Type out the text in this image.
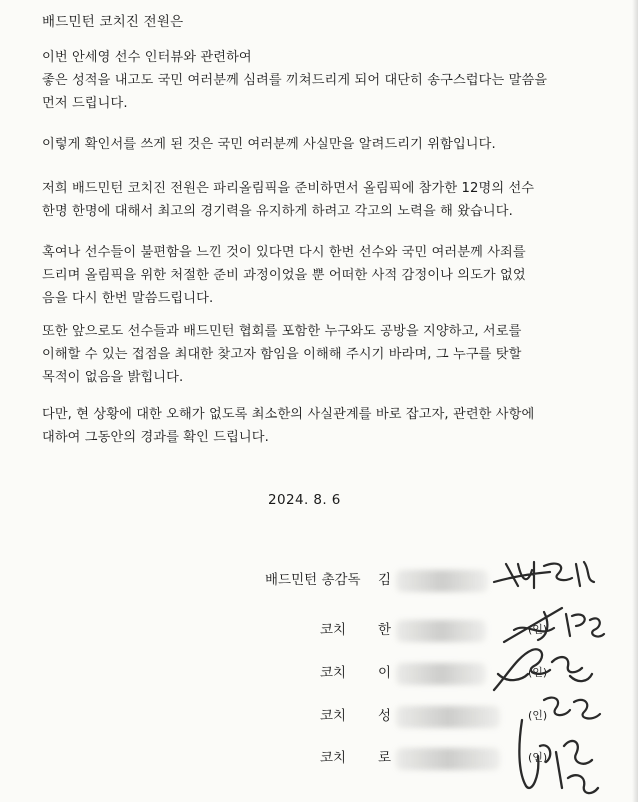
배드민턴 코치진 전원은
이번 안세영 선수 인터뷰와 관련하여
좋은 성적을 내고도 국민 여러분께 심려를 끼쳐드리게 되어 대단히 송구스럽다는 말씀을
먼저 드립니다.
이렇게 확인서를 쓰게 된 것은 국민 여러분께 사실만을 알려드리기 위함입니다.
저희 배드민턴 코치진 전원은 파리올림픽을 준비하면서 올림픽에 참가한 12명의 선수
한명 한명에 대해서 최고의 경기력을 유지하게 하려고 각고의 노력을 해 왔습니다.
혹여나 선수들이 불편함을 느낀 것이 있다면 다시 한번 선수와 국민 여러분께 사죄를
드리며 올림픽을 위한 처절한 준비 과정이었을 뿐 어떠한 사적 감정이나 의도가 없었
음을 다시 한번 말씀드립니다.
또한 앞으로도 선수들과 배드민턴 협회를 포함한 누구와도 공방을 지양하고, 서로를
이해할 수 있는 접점을 최대한 찾고자 함임을 이해해 주시기 바라며, 그 누구를 탓할
목적이 없음을 밝힙니다.
다만, 현 상황에 대한 오해가 없도록 최소한의 사실관계를 바로 잡고자, 관련한 사항에
대하여 그동안의 경과를 확인 드립니다.
2024. 8. 6
배드민턴 총감독 김
코치 한	(인)
코치 이	(인)
코치 성	(인)
코치 로	(인)
